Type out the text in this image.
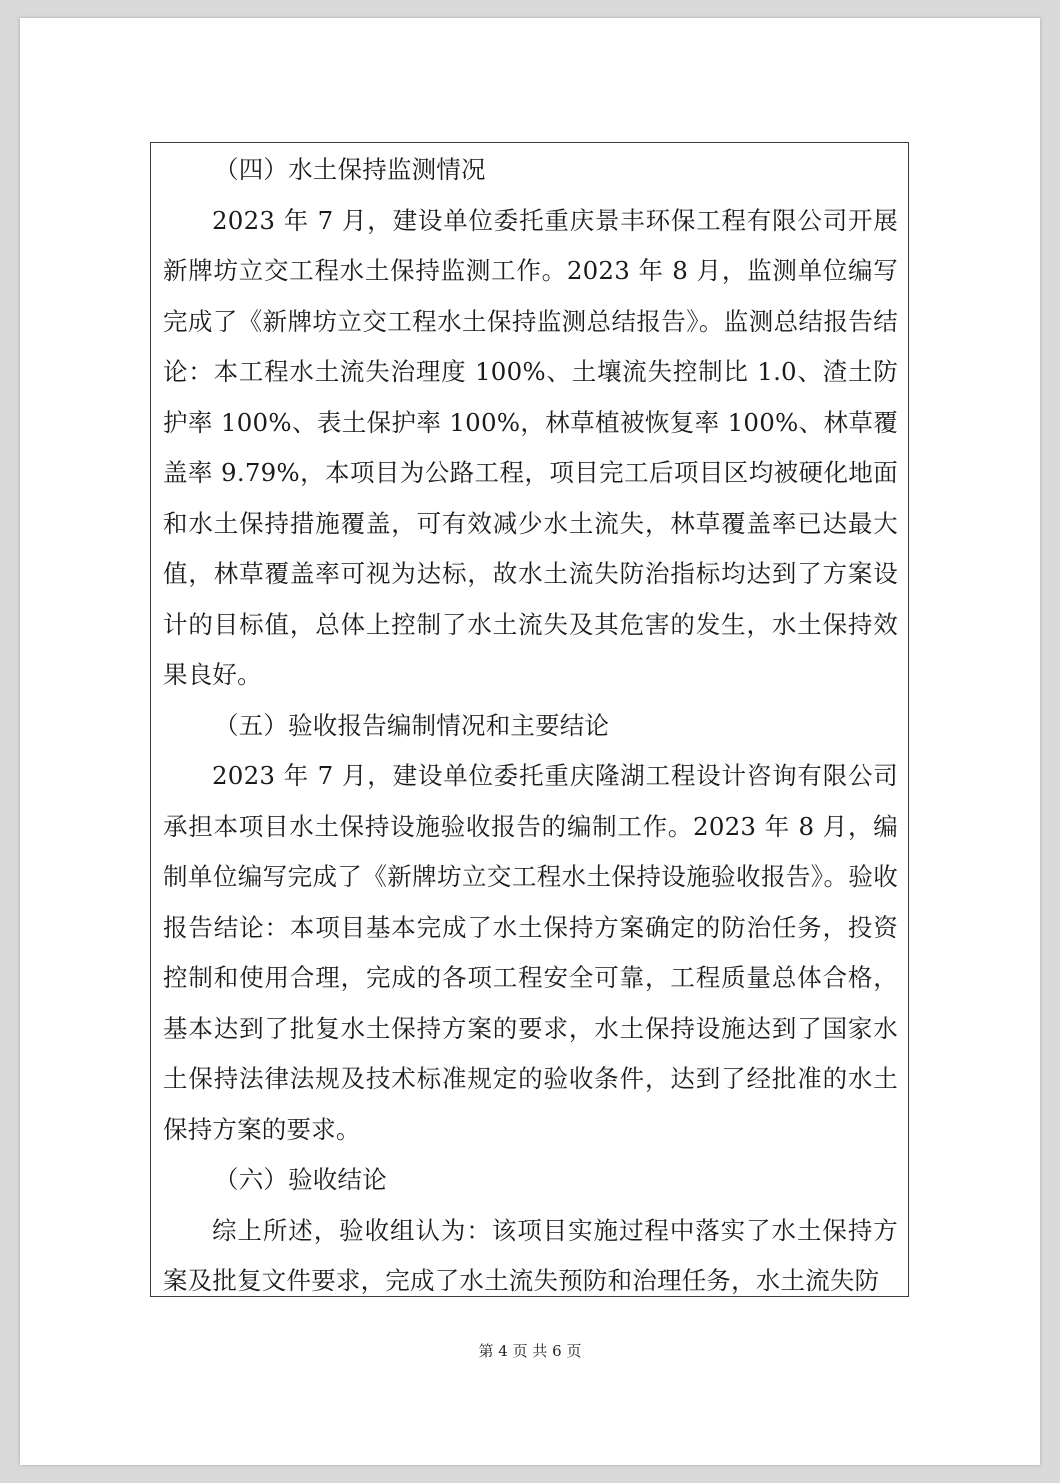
（四）水土保持监测情况

2023 年 7 月，建设单位委托重庆景丰环保工程有限公司开展新牌坊立交工程水土保持监测工作。2023 年 8 月，监测单位编写完成了《新牌坊立交工程水土保持监测总结报告》。监测总结报告结论：本工程水土流失治理度 100%、土壤流失控制比 1.0、渣土防护率 100%、表土保护率 100%，林草植被恢复率 100%、林草覆盖率 9.79%，本项目为公路工程，项目完工后项目区均被硬化地面和水土保持措施覆盖，可有效减少水土流失，林草覆盖率已达最大值，林草覆盖率可视为达标，故水土流失防治指标均达到了方案设计的目标值，总体上控制了水土流失及其危害的发生，水土保持效果良好。

（五）验收报告编制情况和主要结论

2023 年 7 月，建设单位委托重庆隆湖工程设计咨询有限公司承担本项目水土保持设施验收报告的编制工作。2023 年 8 月，编制单位编写完成了《新牌坊立交工程水土保持设施验收报告》。验收报告结论：本项目基本完成了水土保持方案确定的防治任务，投资控制和使用合理，完成的各项工程安全可靠，工程质量总体合格，基本达到了批复水土保持方案的要求，水土保持设施达到了国家水土保持法律法规及技术标准规定的验收条件，达到了经批准的水土保持方案的要求。

（六）验收结论

综上所述，验收组认为：该项目实施过程中落实了水土保持方案及批复文件要求，完成了水土流失预防和治理任务，水土流失防

第 4 页 共 6 页
